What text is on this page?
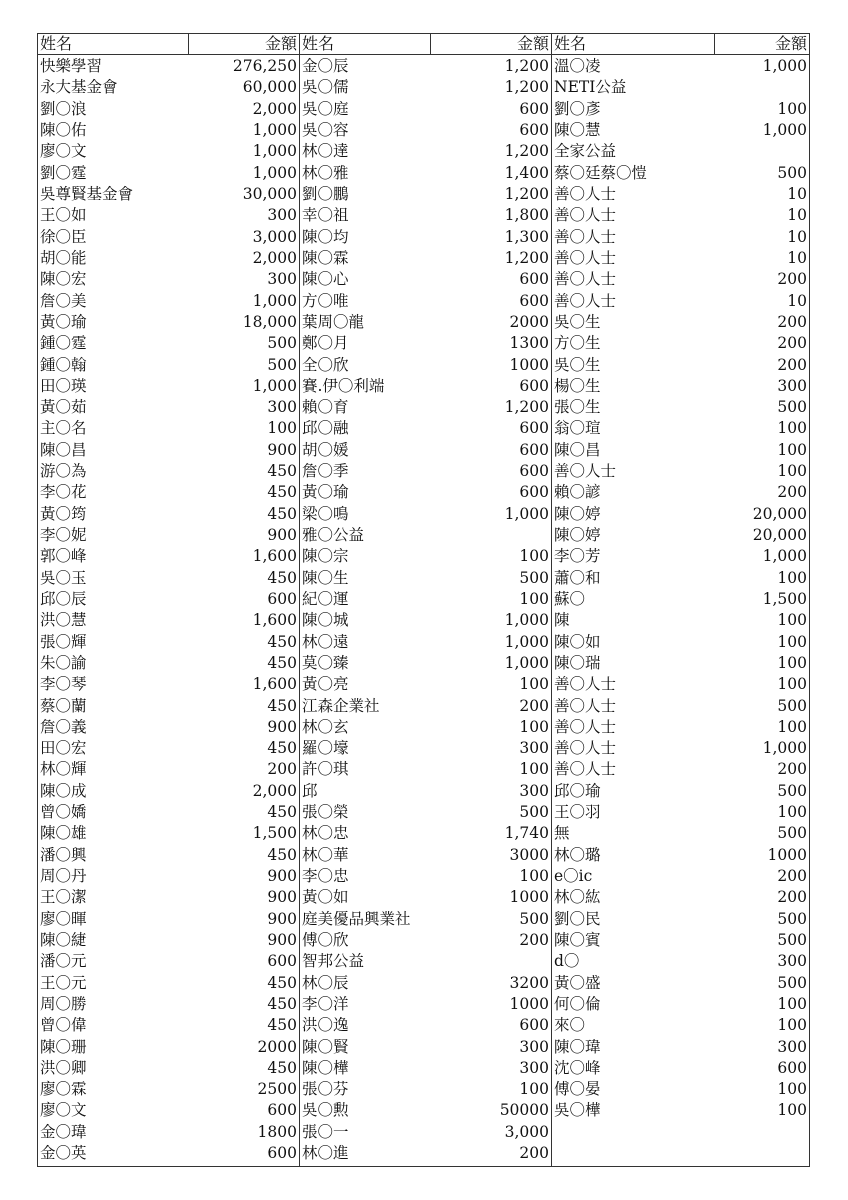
姓名	金額
快樂學習	276,250
永大基金會	60,000
劉〇浪	2,000
陳〇佑	1,000
廖〇文	1,000
劉〇霆	1,000
吳尊賢基金會	30,000
王〇如	300
徐〇臣	3,000
胡〇能	2,000
陳〇宏	300
詹〇美	1,000
黃〇瑜	18,000
鍾〇霆	500
鍾〇翰	500
田〇瑛	1,000
黃〇茹	300
主〇名	100
陳〇昌	900
游〇為	450
李〇花	450
黃〇筠	450
李〇妮	900
郭〇峰	1,600
吳〇玉	450
邱〇辰	600
洪〇慧	1,600
張〇輝	450
朱〇諭	450
李〇琴	1,600
蔡〇蘭	450
詹〇義	900
田〇宏	450
林〇輝	200
陳〇成	2,000
曾〇嬌	450
陳〇雄	1,500
潘〇興	450
周〇丹	900
王〇潔	900
廖〇暉	900
陳〇緁	900
潘〇元	600
王〇元	450
周〇勝	450
曾〇偉	450
陳〇珊	2000
洪〇卿	450
廖〇霖	2500
廖〇文	600
金〇瑋	1800
金〇英	600
姓名	金額
金〇辰	1,200
吳〇儒	1,200
吳〇庭	600
吳〇容	600
林〇達	1,200
林〇雅	1,400
劉〇鵬	1,200
幸〇祖	1,800
陳〇均	1,300
陳〇霖	1,200
陳〇心	600
方〇唯	600
葉周〇龍	2000
鄭〇月	1300
全〇欣	1000
賽.伊〇利端	600
賴〇育	1,200
邱〇融	600
胡〇媛	600
詹〇季	600
黃〇瑜	600
梁〇鳴	1,000
雅〇公益
陳〇宗	100
陳〇生	500
紀〇運	100
陳〇城	1,000
林〇遠	1,000
莫〇臻	1,000
黃〇亮	100
江森企業社	200
林〇玄	100
羅〇壕	300
許〇琪	100
邱	300
張〇榮	500
林〇忠	1,740
林〇華	3000
李〇忠	100
黃〇如	1000
庭美優品興業社	500
傅〇欣	200
智邦公益
林〇辰	3200
李〇洋	1000
洪〇逸	600
陳〇賢	300
陳〇樺	300
張〇芬	100
吳〇勲	50000
張〇一	3,000
林〇進	200
姓名	金額
溫〇凌	1,000
NETI公益
劉〇彥	100
陳〇慧	1,000
全家公益
蔡〇廷蔡〇愷	500
善〇人士	10
善〇人士	10
善〇人士	10
善〇人士	10
善〇人士	200
善〇人士	10
吳〇生	200
方〇生	200
吳〇生	200
楊〇生	300
張〇生	500
翁〇瑄	100
陳〇昌	100
善〇人士	100
賴〇諺	200
陳〇婷	20,000
陳〇婷	20,000
李〇芳	1,000
蕭〇和	100
蘇〇	1,500
陳	100
陳〇如	100
陳〇瑞	100
善〇人士	100
善〇人士	500
善〇人士	100
善〇人士	1,000
善〇人士	200
邱〇瑜	500
王〇羽	100
無	500
林〇璐	1000
e〇ic	200
林〇紘	200
劉〇民	500
陳〇賓	500
d〇	300
黃〇盛	500
何〇倫	100
來〇	100
陳〇瑋	300
沈〇峰	600
傅〇晏	100
吳〇樺	100
